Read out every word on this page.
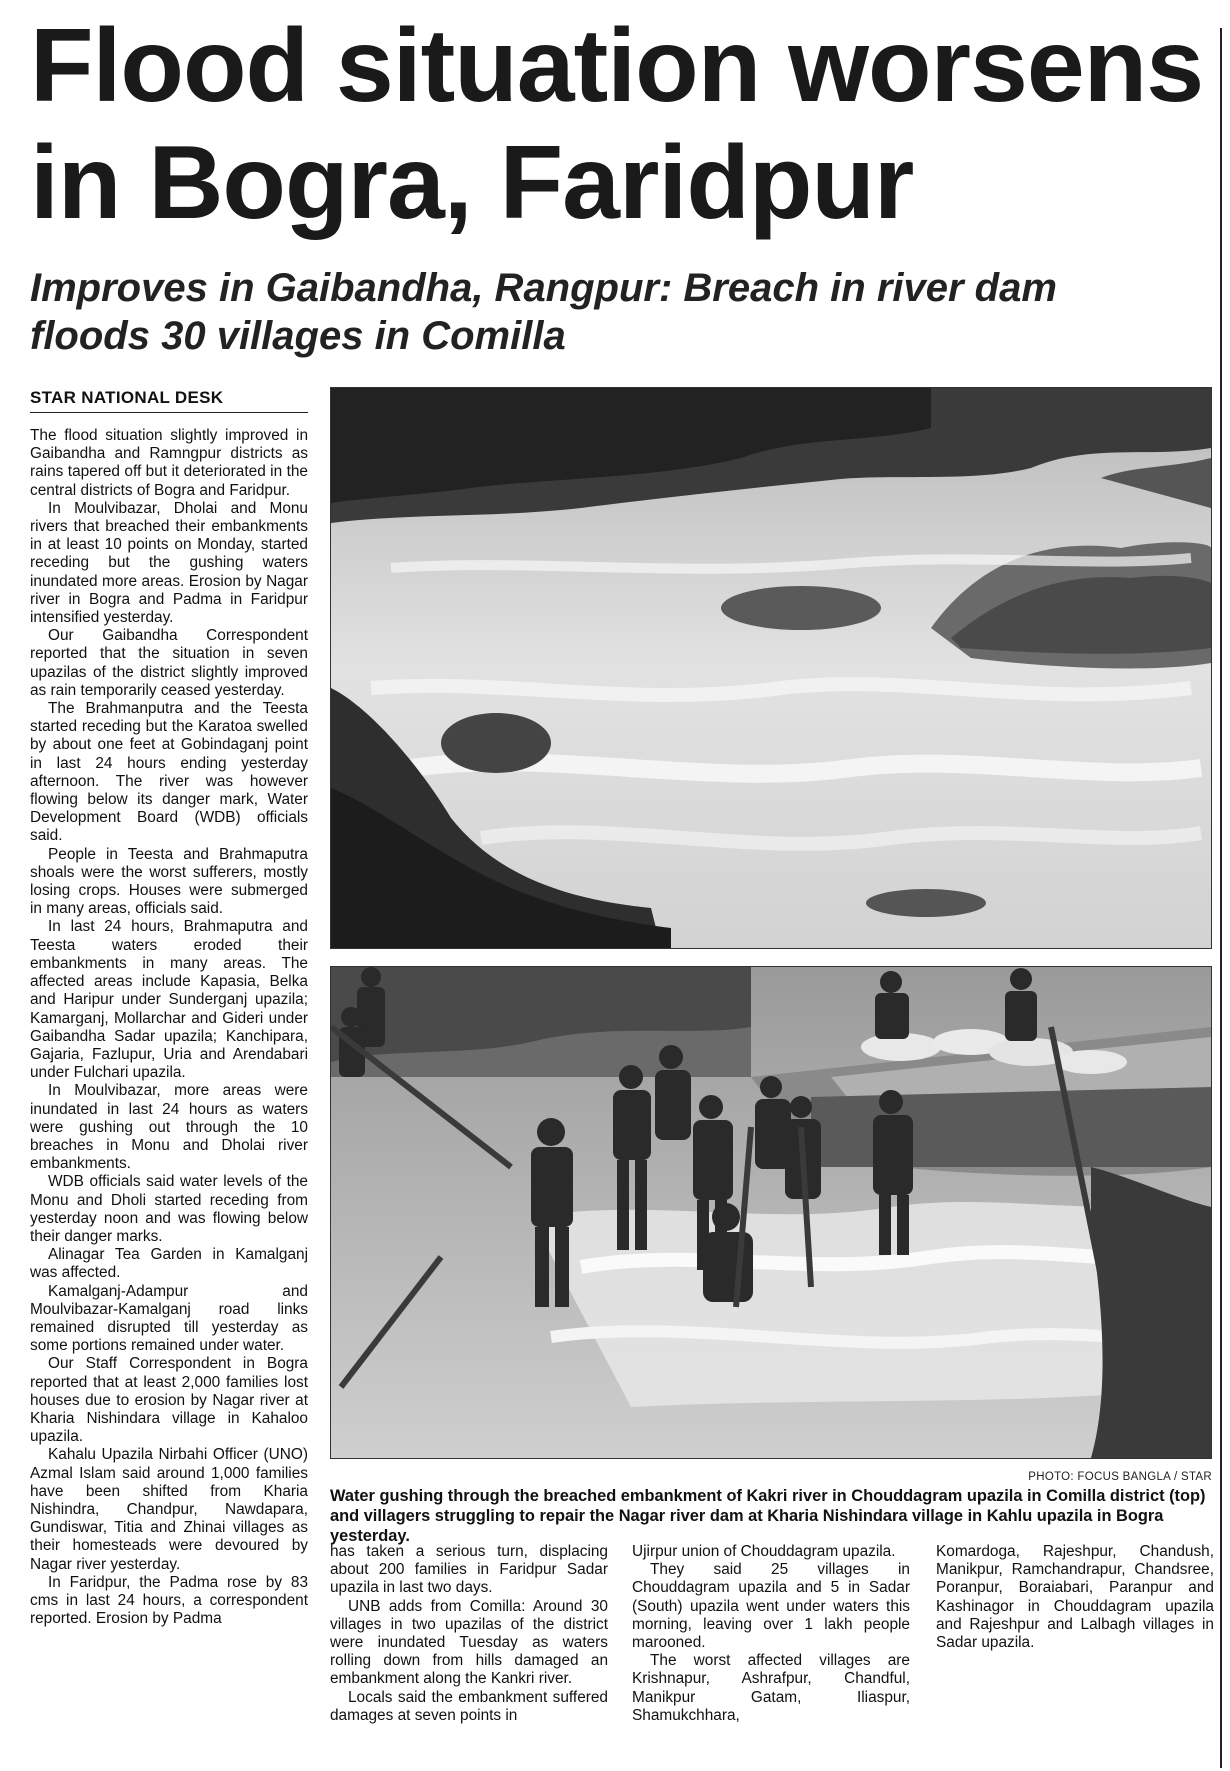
Flood situation worsens in Bogra, Faridpur
Improves in Gaibandha, Rangpur: Breach in river dam floods 30 villages in Comilla
STAR NATIONAL DESK

The flood situation slightly improved in Gaibandha and Ramngpur districts as rains tapered off but it deteriorated in the central districts of Bogra and Faridpur.

In Moulvibazar, Dholai and Monu rivers that breached their embankments in at least 10 points on Monday, started receding but the gushing waters inundated more areas. Erosion by Nagar river in Bogra and Padma in Faridpur intensified yesterday.

Our Gaibandha Correspondent reported that the situation in seven upazilas of the district slightly improved as rain temporarily ceased yesterday.

The Brahmanputra and the Teesta started receding but the Karatoa swelled by about one feet at Gobindaganj point in last 24 hours ending yesterday afternoon. The river was however flowing below its danger mark, Water Development Board (WDB) officials said.

People in Teesta and Brahmaputra shoals were the worst sufferers, mostly losing crops. Houses were submerged in many areas, officials said.

In last 24 hours, Brahmaputra and Teesta waters eroded their embankments in many areas. The affected areas include Kapasia, Belka and Haripur under Sunderganj upazila; Kamarganj, Mollarchar and Gideri under Gaibandha Sadar upazila; Kanchipara, Gajaria, Fazlupur, Uria and Arendabari under Fulchari upazila.

In Moulvibazar, more areas were inundated in last 24 hours as waters were gushing out through the 10 breaches in Monu and Dholai river embankments.

WDB officials said water levels of the Monu and Dholi started receding from yesterday noon and was flowing below their danger marks.

Alinagar Tea Garden in Kamalganj was affected.

Kamalganj-Adampur and Moulvibazar-Kamalganj road links remained disrupted till yesterday as some portions remained under water.

Our Staff Correspondent in Bogra reported that at least 2,000 families lost houses due to erosion by Nagar river at Kharia Nishindara village in Kahaloo upazila.

Kahalu Upazila Nirbahi Officer (UNO) Azmal Islam said around 1,000 families have been shifted from Kharia Nishindra, Chandpur, Nawdapara, Gundiswar, Titia and Zhinai villages as their homesteads were devoured by Nagar river yesterday.

In Faridpur, the Padma rose by 83 cms in last 24 hours, a correspondent reported. Erosion by Padma

PHOTO: FOCUS BANGLA / STAR
Water gushing through the breached embankment of Kakri river in Chouddagram upazila in Comilla district (top) and villagers struggling to repair the Nagar river dam at Kharia Nishindara village in Kahlu upazila in Bogra yesterday.

has taken a serious turn, displacing about 200 families in Faridpur Sadar upazila in last two days.

UNB adds from Comilla: Around 30 villages in two upazilas of the district were inundated Tuesday as waters rolling down from hills damaged an embankment along the Kankri river.

Locals said the embankment suffered damages at seven points in

Ujirpur union of Chouddagram upazila.

They said 25 villages in Chouddagram upazila and 5 in Sadar (South) upazila went under waters this morning, leaving over 1 lakh people marooned.

The worst affected villages are Krishnapur, Ashrafpur, Chandful, Manikpur Gatam, Iliaspur, Shamukchhara,

Komardoga, Rajeshpur, Chandush, Manikpur, Ramchandrapur, Chandsree, Poranpur, Boraiabari, Paranpur and Kashinagor in Chouddagram upazila and Rajeshpur and Lalbagh villages in Sadar upazila.
